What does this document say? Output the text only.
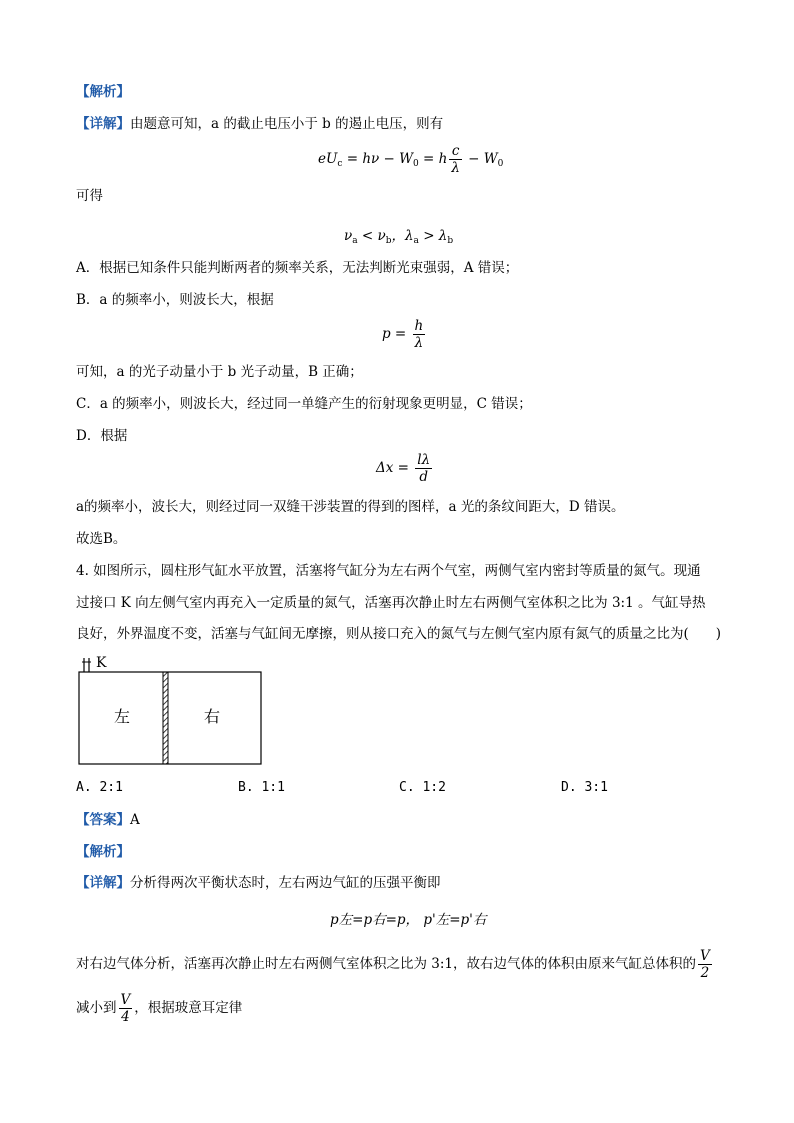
【解析】
【详解】由题意可知，a 的截止电压小于 b 的遏止电压，则有
$eU_c = h\nu - W_0 = h \frac{c}{\lambda} - W_0$
可得
$\nu_a < \nu_b$，$\lambda_a > \lambda_b$
A．根据已知条件只能判断两者的频率关系，无法判断光束强弱，A 错误；
B．a 的频率小，则波长大，根据
$p = \frac{h}{\lambda}$
可知，a 的光子动量小于 b 光子动量，B 正确；
C．a 的频率小，则波长大，经过同一单缝产生的衍射现象更明显，C 错误；
D．根据
$\Delta x = \frac{l\lambda}{d}$
a的频率小，波长大，则经过同一双缝干涉装置的得到的图样，a 光的条纹间距大，D 错误。
故选B。
4. 如图所示，圆柱形气缸水平放置，活塞将气缸分为左右两个气室，两侧气室内密封等质量的氮气。现通
过接口 K 向左侧气室内再充入一定质量的氮气，活塞再次静止时左右两侧气室体积之比为 3:1 。气缸导热
良好，外界温度不变，活塞与气缸间无摩擦，则从接口充入的氮气与左侧气室内原有氮气的质量之比为(　　)
K
左	右
A. 2:1	B. 1:1	C. 1:2	D. 3:1
【答案】A
【解析】
【详解】分析得两次平衡状态时，左右两边气缸的压强平衡即
p左=p右=p， p'左=p'右
对右边气体分析，活塞再次静止时左右两侧气室体积之比为 3:1，故右边气体的体积由原来气缸总体积的 $\frac{V}{2}$
减小到 $\frac{V}{4}$ ，根据玻意耳定律
